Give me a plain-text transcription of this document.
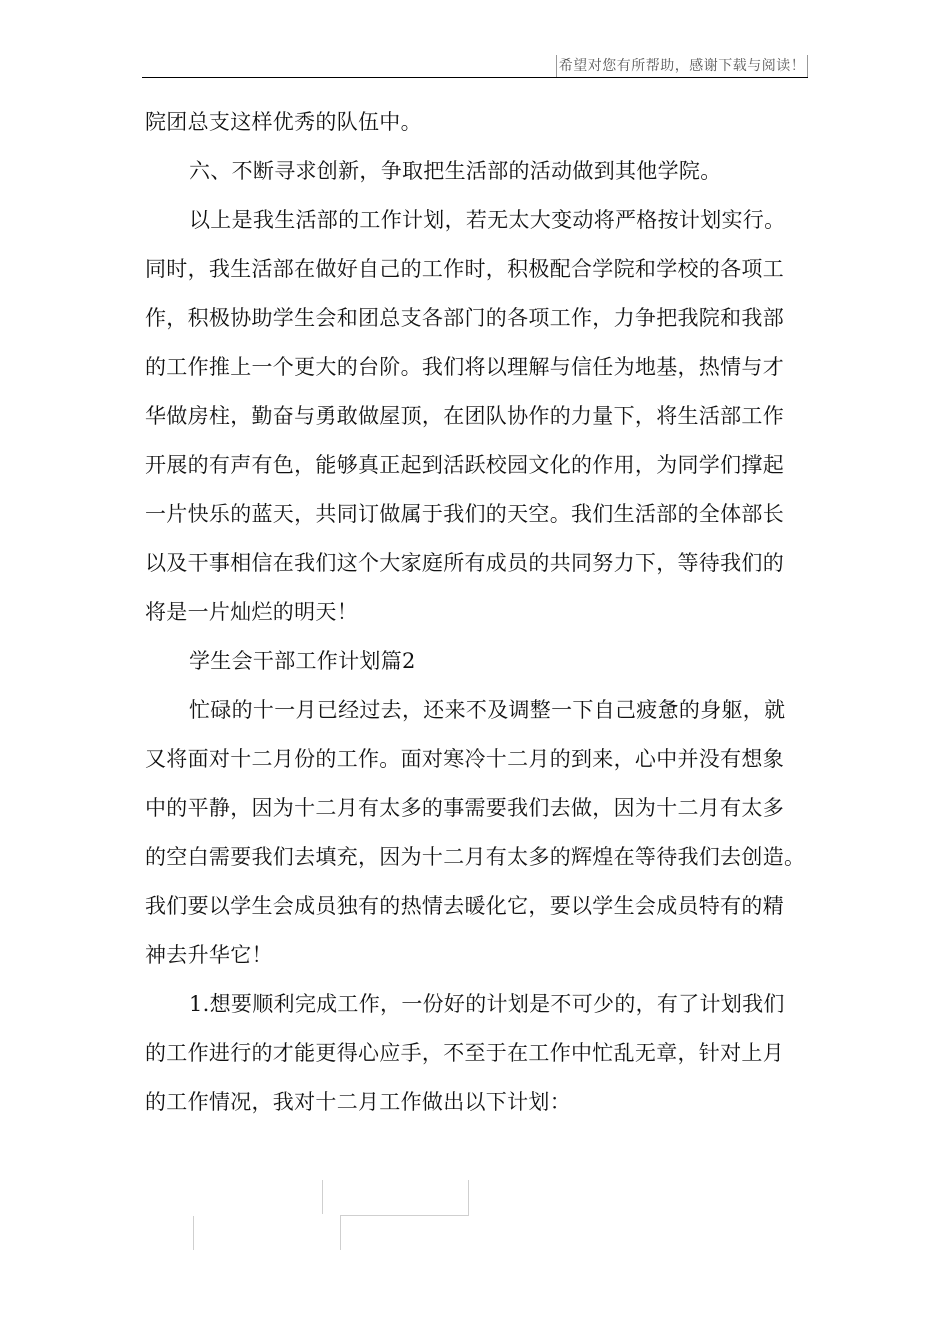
希望对您有所帮助，感谢下载与阅读！
院团总支这样优秀的队伍中。
六、不断寻求创新，争取把生活部的活动做到其他学院。
以上是我生活部的工作计划，若无太大变动将严格按计划实行。
同时，我生活部在做好自己的工作时，积极配合学院和学校的各项工
作，积极协助学生会和团总支各部门的各项工作，力争把我院和我部
的工作推上一个更大的台阶。我们将以理解与信任为地基，热情与才
华做房柱，勤奋与勇敢做屋顶，在团队协作的力量下，将生活部工作
开展的有声有色，能够真正起到活跃校园文化的作用，为同学们撑起
一片快乐的蓝天，共同订做属于我们的天空。我们生活部的全体部长
以及干事相信在我们这个大家庭所有成员的共同努力下，等待我们的
将是一片灿烂的明天！
学生会干部工作计划篇2
忙碌的十一月已经过去，还来不及调整一下自己疲惫的身躯，就
又将面对十二月份的工作。面对寒冷十二月的到来，心中并没有想象
中的平静，因为十二月有太多的事需要我们去做，因为十二月有太多
的空白需要我们去填充，因为十二月有太多的辉煌在等待我们去创造。
我们要以学生会成员独有的热情去暖化它，要以学生会成员特有的精
神去升华它！
1.想要顺利完成工作，一份好的计划是不可少的，有了计划我们
的工作进行的才能更得心应手，不至于在工作中忙乱无章，针对上月
的工作情况，我对十二月工作做出以下计划：
